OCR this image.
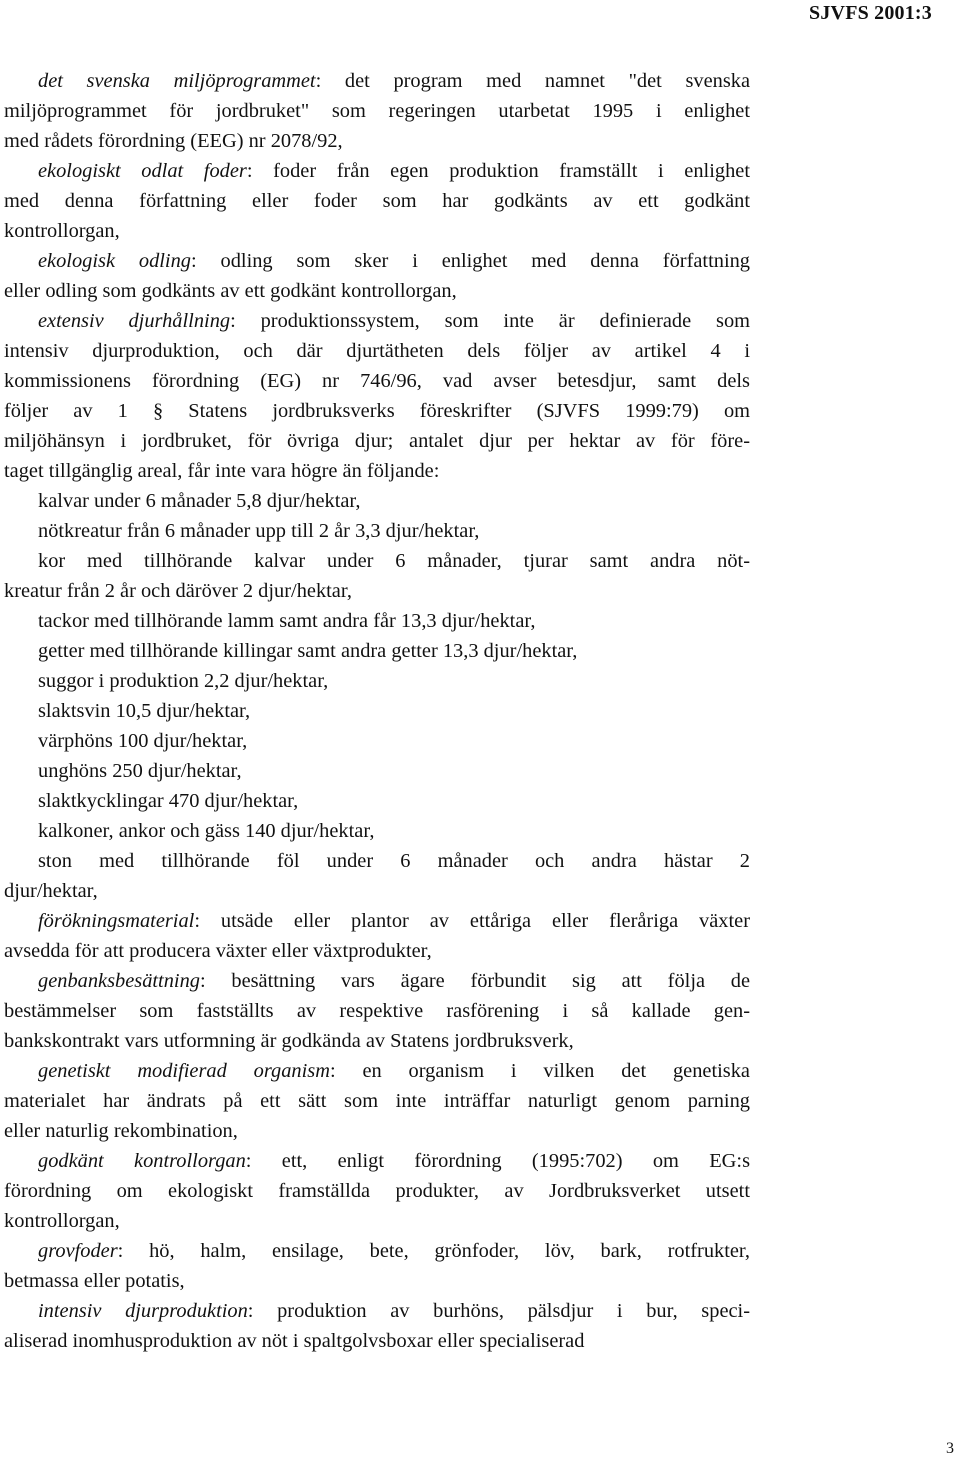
SJVFS 2001:3
det svenska miljöprogrammet: det program med namnet "det svenska
miljöprogrammet för jordbruket" som regeringen utarbetat 1995 i enlighet
med rådets förordning (EEG) nr 2078/92,
ekologiskt odlat foder: foder från egen produktion framställt i enlighet
med denna författning eller foder som har godkänts av ett godkänt
kontrollorgan,
ekologisk odling: odling som sker i enlighet med denna författning
eller odling som godkänts av ett godkänt kontrollorgan,
extensiv djurhållning: produktionssystem, som inte är definierade som
intensiv djurproduktion, och där djurtätheten dels följer av artikel 4 i
kommissionens förordning (EG) nr 746/96, vad avser betesdjur, samt dels
följer av 1 § Statens jordbruksverks föreskrifter (SJVFS 1999:79) om
miljöhänsyn i jordbruket, för övriga djur; antalet djur per hektar av för före-
taget tillgänglig areal, får inte vara högre än följande:
kalvar under 6 månader 5,8 djur/hektar,
nötkreatur från 6 månader upp till 2 år 3,3 djur/hektar,
kor med tillhörande kalvar under 6 månader, tjurar samt andra nöt-
kreatur från 2 år och däröver 2 djur/hektar,
tackor med tillhörande lamm samt andra får 13,3 djur/hektar,
getter med tillhörande killingar samt andra getter 13,3 djur/hektar,
suggor i produktion 2,2 djur/hektar,
slaktsvin 10,5 djur/hektar,
värphöns 100 djur/hektar,
unghöns 250 djur/hektar,
slaktkycklingar 470 djur/hektar,
kalkoner, ankor och gäss 140 djur/hektar,
ston med tillhörande föl under 6 månader och andra hästar 2
djur/hektar,
förökningsmaterial: utsäde eller plantor av ettåriga eller fleråriga växter
avsedda för att producera växter eller växtprodukter,
genbanksbesättning: besättning vars ägare förbundit sig att följa de
bestämmelser som fastställts av respektive rasförening i så kallade gen-
bankskontrakt vars utformning är godkända av Statens jordbruksverk,
genetiskt modifierad organism: en organism i vilken det genetiska
materialet har ändrats på ett sätt som inte inträffar naturligt genom parning
eller naturlig rekombination,
godkänt kontrollorgan: ett, enligt förordning (1995:702) om EG:s
förordning om ekologiskt framställda produkter, av Jordbruksverket utsett
kontrollorgan,
grovfoder: hö, halm, ensilage, bete, grönfoder, löv, bark, rotfrukter,
betmassa eller potatis,
intensiv djurproduktion: produktion av burhöns, pälsdjur i bur, speci-
aliserad inomhusproduktion av nöt i spaltgolvsboxar eller specialiserad
3
